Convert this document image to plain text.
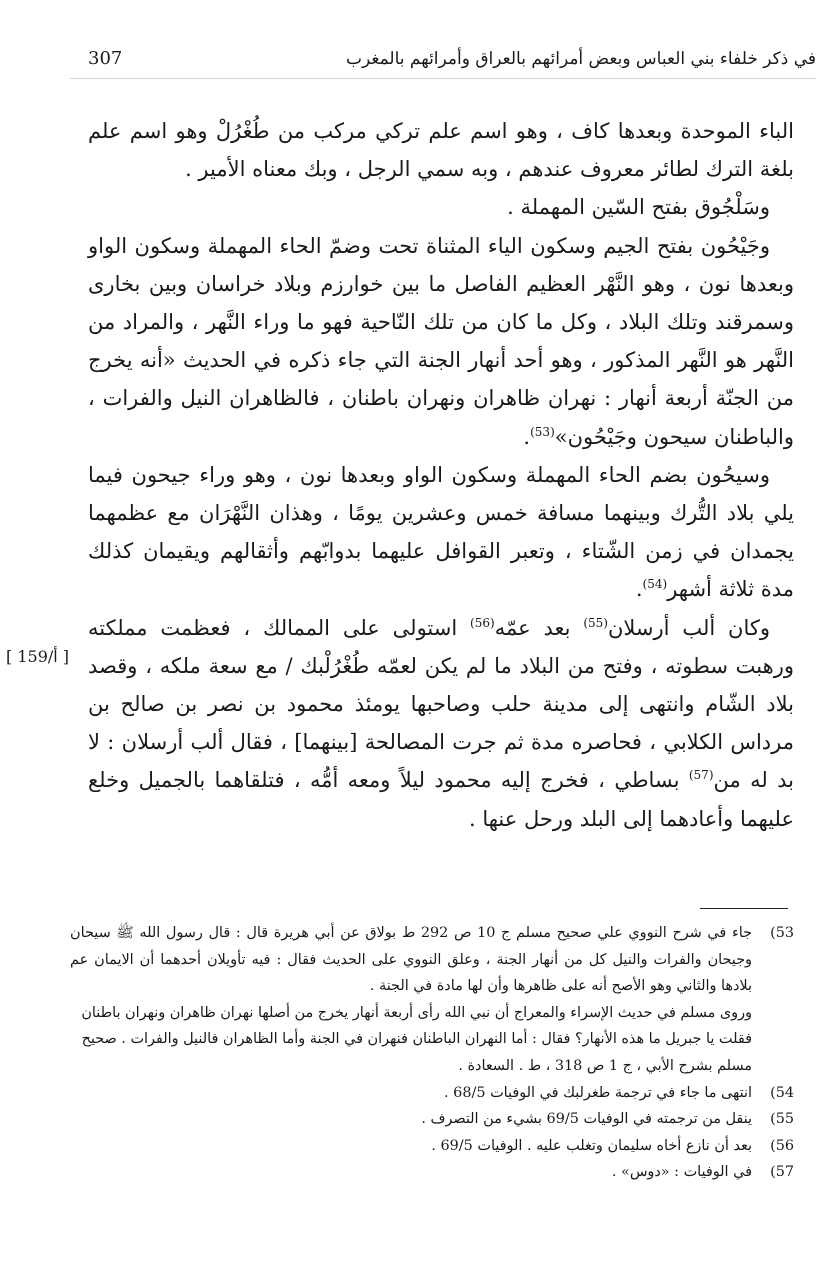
في ذكر خلفاء بني العباس وبعض أمرائهم بالعراق وأمرائهم بالمغرب
307

الباء الموحدة وبعدها كاف ، وهو اسم علم تركي مركب من طُغْرُلْ وهو اسم علم بلغة الترك لطائر معروف عندهم ، وبه سمي الرجل ، وبك معناه الأمير .

وسَلْجُوق بفتح السّين المهملة .

وجَيْحُون بفتح الجيم وسكون الياء المثناة تحت وضمّ الحاء المهملة وسكون الواو وبعدها نون ، وهو النَّهْر العظيم الفاصل ما بين خوارزم وبلاد خراسان وبين بخارى وسمرقند وتلك البلاد ، وكل ما كان من تلك النّاحية فهو ما وراء النَّهر ، والمراد من النَّهر هو النَّهر المذكور ، وهو أحد أنهار الجنة التي جاء ذكره في الحديث «أنه يخرج من الجنّة أربعة أنهار : نهران ظاهران ونهران باطنان ، فالظاهران النيل والفرات ، والباطنان سيحون وجَيْحُون»$^{(53)}$.

وسيحُون بضم الحاء المهملة وسكون الواو وبعدها نون ، وهو وراء جيحون فيما يلي بلاد التُّرك وبينهما مسافة خمس وعشرين يومًا ، وهذان النَّهْرَان مع عظمهما يجمدان في زمن الشّتاء ، وتعبر القوافل عليهما بدوابّهم وأثقالهم ويقيمان كذلك مدة ثلاثة أشهر$^{(54)}$.

وكان ألب أرسلان$^{(55)}$ بعد عمّه$^{(56)}$ استولى على الممالك ، فعظمت مملكته ورهبت سطوته ، وفتح من البلاد ما لم يكن لعمّه طُغْرُلْبك / مع سعة ملكه ، وقصد بلاد الشّام وانتهى إلى مدينة حلب وصاحبها يومئذ محمود بن نصر بن صالح بن مرداس الكلابي ، فحاصره مدة ثم جرت المصالحة [بينهما] ، فقال ألب أرسلان : لا بد له من$^{(57)}$ بساطي ، فخرج إليه محمود ليلاً ومعه أمُّه ، فتلقاهما بالجميل وخلع عليهما وأعادهما إلى البلد ورحل عنها .

[ 159/أ ]
53)
جاء في شرح النووي علي صحيح مسلم ج 10 ص 292 ط بولاق عن أبي هريرة قال : قال رسول الله ﷺ سيحان وجيحان والفرات والنيل كل من أنهار الجنة ، وعلق النووي على الحديث فقال : فيه تأويلان أحدهما أن الايمان عم بلادها والثاني وهو الأصح أنه على ظاهرها وأن لها مادة في الجنة .
وروى مسلم في حديث الإسراء والمعراج أن نبي الله رأى أربعة أنهار يخرج من أصلها نهران ظاهران ونهران باطنان فقلت يا جبريل ما هذه الأنهار؟ فقال : أما النهران الباطنان فنهران في الجنة وأما الظاهران فالنيل والفرات . صحيح مسلم بشرح الأبي ، ج 1 ص 318 ، ط . السعادة .
54)
انتهى ما جاء في ترجمة طغرلبك في الوفيات 68/5 .
55)
ينقل من ترجمته في الوفيات 69/5 بشيء من التصرف .
56)
بعد أن نازع أخاه سليمان وتغلب عليه . الوفيات 69/5 .
57)
في الوفيات : «دوس» .
